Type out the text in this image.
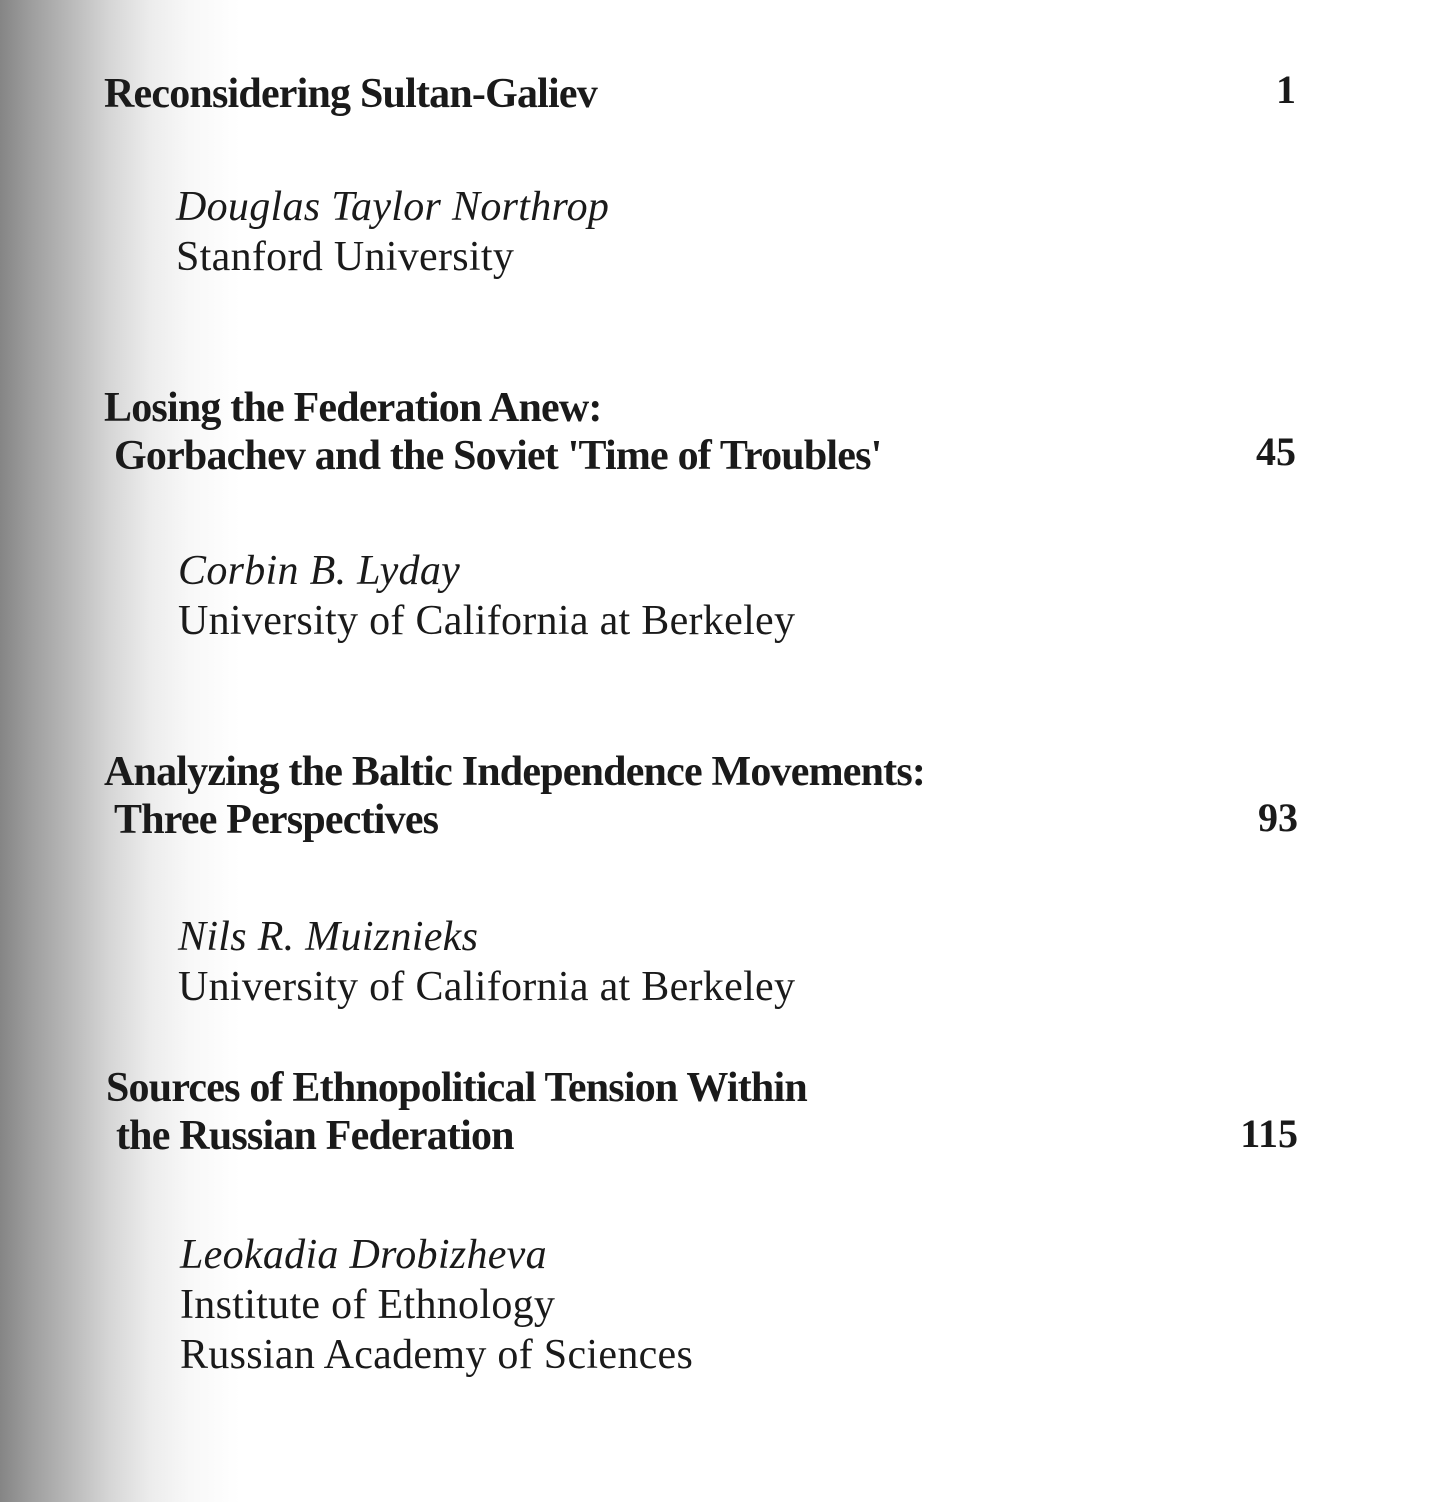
Reconsidering Sultan-Galiev	1
Douglas Taylor Northrop
Stanford University
Losing the Federation Anew:
Gorbachev and the Soviet 'Time of Troubles'	45
Corbin B. Lyday
University of California at Berkeley
Analyzing the Baltic Independence Movements:
Three Perspectives	93
Nils R. Muiznieks
University of California at Berkeley
Sources of Ethnopolitical Tension Within
the Russian Federation	115
Leokadia Drobizheva
Institute of Ethnology
Russian Academy of Sciences
